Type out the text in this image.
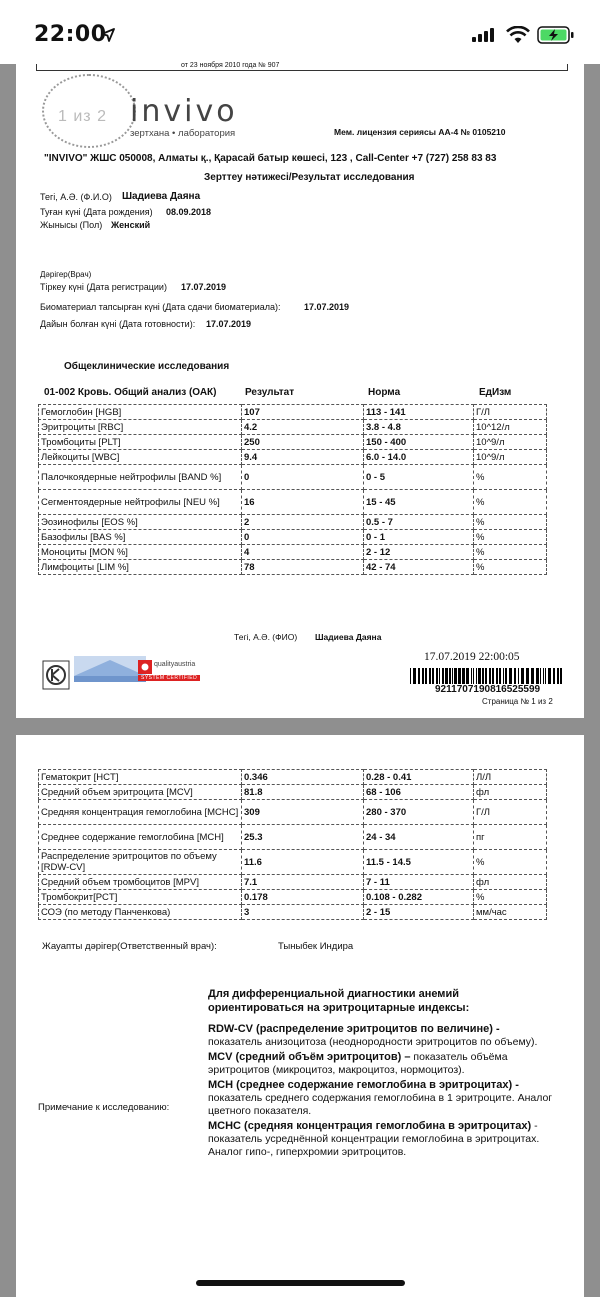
22:00
от 23 ноября 2010 года № 907
1 из 2 invivo
зертхана • лаборатория	Мем. лицензия сериясы АА-4 № 0105210
"INVIVO" ЖШС 050008, Алматы қ., Қарасай батыр көшесі, 123 , Call-Center +7 (727) 258 83 83
Зерттеу нәтижесі/Результат исследования
Тегі, А.Ә. (Ф.И.О) Шадиева Даяна
Туған күні (Дата рождения) 08.09.2018
Жынысы (Пол) Женский
Дәрігер(Врач)
Тіркеу күні (Дата регистрации) 17.07.2019
Биоматериал тапсырған күні (Дата сдачи биоматериала):	17.07.2019
Дайын болған күні (Дата готовности): 17.07.2019
Общеклинические исследования
01-002 Кровь. Общий анализ (ОАК)	Результат	Норма	ЕдИзм
Гемоглобин [HGB]	107	113 - 141	Г/Л
Эритроциты [RBC]	4.2	3.8 - 4.8	10^12/л
Тромбоциты [PLT]	250	150 - 400	10^9/л
Лейкоциты [WBC]	9.4	6.0 - 14.0	10^9/л
Палочкоядерные нейтрофилы [BAND %]	0	0 - 5	%
Сегментоядерные нейтрофилы [NEU %]	16	15 - 45	%
Эозинофилы [EOS %]	2	0.5 - 7	%
Базофилы [BAS %]	0	0 - 1	%
Моноциты [MON %]	4	2 - 12	%
Лимфоциты [LIM %]	78	42 - 74	%
Тегі, А.Ә. (ФИО) Шадиева Даяна
qualityaustria
SYSTEM CERTIFIED
17.07.2019 22:00:05
9211707190816525599
Страница № 1 из 2
Гематокрит [HCT]	0.346	0.28 - 0.41	Л/Л
Средний объем эритроцита [MCV]	81.8	68 - 106	фл
Средняя концентрация гемоглобина [MCHC]	309	280 - 370	Г/Л
Среднее содержание гемоглобина [MCH]	25.3	24 - 34	пг
Распределение эритроцитов по объему [RDW-CV]	11.6	11.5 - 14.5	%
Средний объем тромбоцитов [MPV]	7.1	7 - 11	фл
Тромбокрит[PCT]	0.178	0.108 - 0.282	%
СОЭ (по методу Панченкова)	3	2 - 15	мм/час
Жауапты дәрігер(Ответственный врач):	Тыныбек Индира
Примечание к исследованию:

Для дифференциальной диагностики анемий ориентироваться на эритроцитарные индексы:

RDW-CV (распределение эритроцитов по величине) - показатель анизоцитоза (неоднородности эритроцитов по объему).

MCV (средний объём эритроцитов) – показатель объёма эритроцитов (микроцитоз, макроцитоз, нормоцитоз).

MCH (среднее содержание гемоглобина в эритроцитах) - показатель среднего содержания гемоглобина в 1 эритроците. Аналог цветного показателя.

MCHC (средняя концентрация гемоглобина в эритроцитах) - показатель усреднённой концентрации гемоглобина в эритроцитах. Аналог гипо-, гиперхромии эритроцитов.
